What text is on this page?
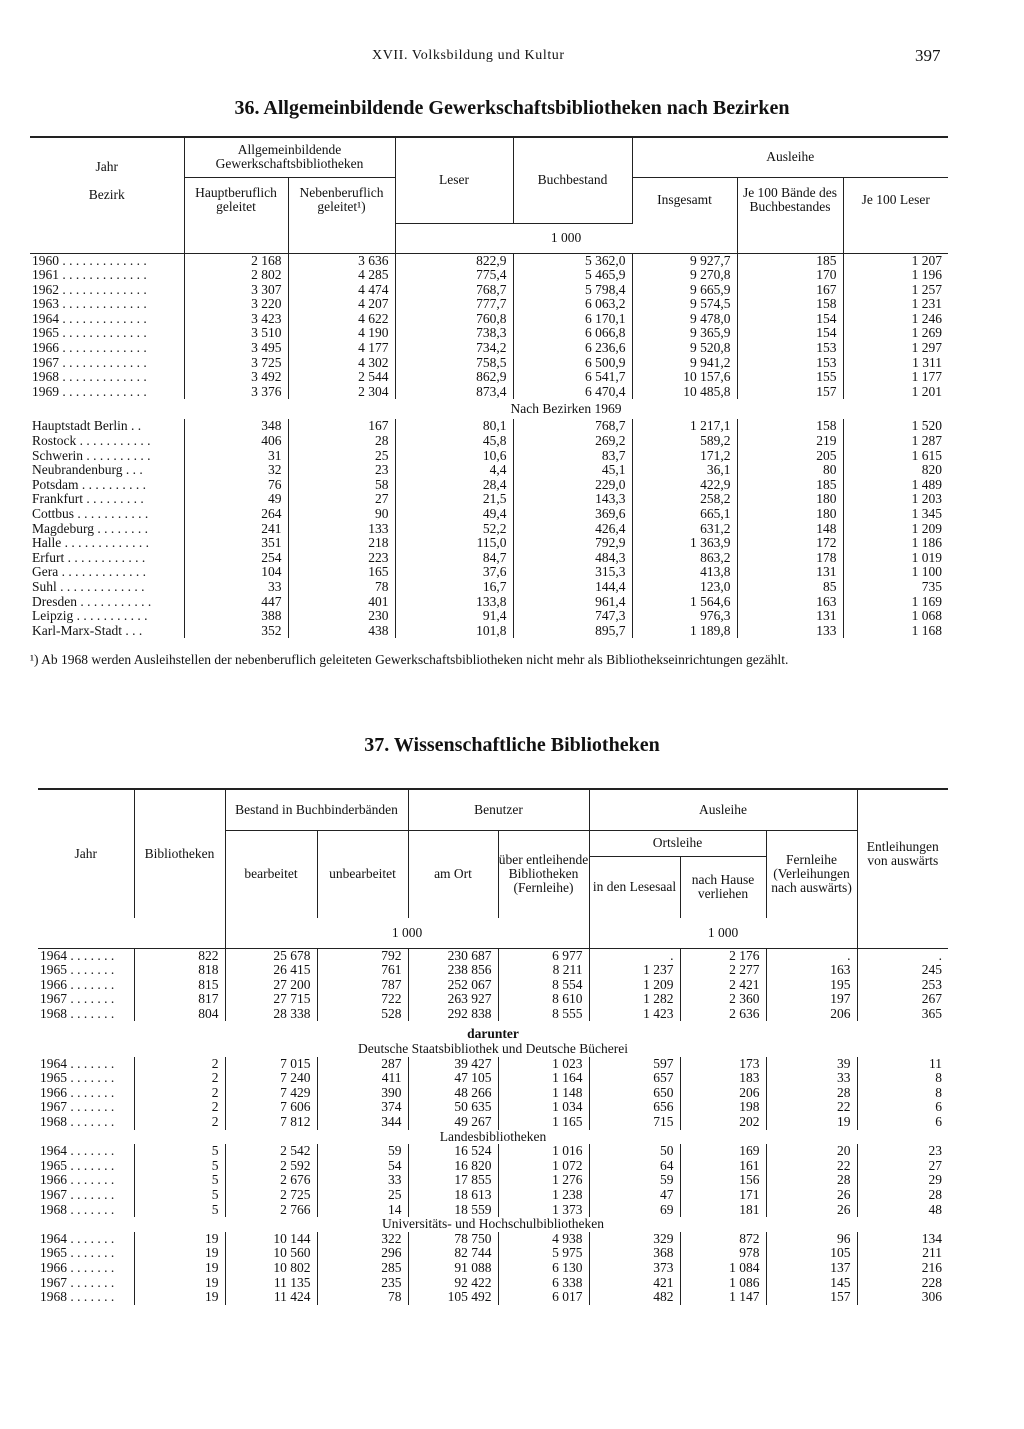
XVII. Volksbildung und Kultur	397
36. Allgemeinbildende Gewerkschaftsbibliotheken nach Bezirken
Jahr
Bezirk	Allgemeinbildende Gewerkschaftsbibliotheken		Leser	Buchbestand	Ausleihe		
	Hauptberuflich geleitet	Nebenberuflich geleitet¹)			Insgesamt	Je 100 Bände des Buchbestandes	Je 100 Leser
			1 000				
1960 . . . . . . . . . . . . .	2 168	3 636	822,9	5 362,0	9 927,7	185	1 207
1961 . . . . . . . . . . . . .	2 802	4 285	775,4	5 465,9	9 270,8	170	1 196
1962 . . . . . . . . . . . . .	3 307	4 474	768,7	5 798,4	9 665,9	167	1 257
1963 . . . . . . . . . . . . .	3 220	4 207	777,7	6 063,2	9 574,5	158	1 231
1964 . . . . . . . . . . . . .	3 423	4 622	760,8	6 170,1	9 478,0	154	1 246
1965 . . . . . . . . . . . . .	3 510	4 190	738,3	6 066,8	9 365,9	154	1 269
1966 . . . . . . . . . . . . .	3 495	4 177	734,2	6 236,6	9 520,8	153	1 297
1967 . . . . . . . . . . . . .	3 725	4 302	758,5	6 500,9	9 941,2	153	1 311
1968 . . . . . . . . . . . . .	3 492	2 544	862,9	6 541,7	10 157,6	155	1 177
1969 . . . . . . . . . . . . .	3 376	2 304	873,4	6 470,4	10 485,8	157	1 201
			Nach Bezirken 1969				
Hauptstadt Berlin . .	348	167	80,1	768,7	1 217,1	158	1 520
Rostock . . . . . . . . . . .	406	28	45,8	269,2	589,2	219	1 287
Schwerin . . . . . . . . . .	31	25	10,6	83,7	171,2	205	1 615
Neubrandenburg . . .	32	23	4,4	45,1	36,1	80	820
Potsdam . . . . . . . . . .	76	58	28,4	229,0	422,9	185	1 489
Frankfurt . . . . . . . . .	49	27	21,5	143,3	258,2	180	1 203
Cottbus . . . . . . . . . . .	264	90	49,4	369,6	665,1	180	1 345
Magdeburg . . . . . . . .	241	133	52,2	426,4	631,2	148	1 209
Halle . . . . . . . . . . . . .	351	218	115,0	792,9	1 363,9	172	1 186
Erfurt . . . . . . . . . . . .	254	223	84,7	484,3	863,2	178	1 019
Gera . . . . . . . . . . . . .	104	165	37,6	315,3	413,8	131	1 100
Suhl . . . . . . . . . . . . .	33	78	16,7	144,4	123,0	85	735
Dresden . . . . . . . . . . .	447	401	133,8	961,4	1 564,6	163	1 169
Leipzig . . . . . . . . . . .	388	230	91,4	747,3	976,3	131	1 068
Karl-Marx-Stadt . . .	352	438	101,8	895,7	1 189,8	133	1 168
¹) Ab 1968 werden Ausleihstellen der nebenberuflich geleiteten Gewerkschaftsbibliotheken nicht mehr als Bibliothekseinrichtungen gezählt.
37. Wissenschaftliche Bibliotheken
Jahr	Bibliotheken	Bestand in Buchbinderbänden		Benutzer		Ausleihe			Entleihungen von auswärts
		bearbeitet	unbearbeitet	am Ort	über entleihende Bibliotheken (Fernleihe)	Ortsleihe		Fernleihe (Verleihungen nach auswärts)	
						in den Lesesaal	nach Hause verliehen		
		1 000				1 000			
1964 . . . . . . .	822	25 678	792	230 687	6 977	.	2 176	.	.
1965 . . . . . . .	818	26 415	761	238 856	8 211	1 237	2 277	163	245
1966 . . . . . . .	815	27 200	787	252 067	8 554	1 209	2 421	195	253
1967 . . . . . . .	817	27 715	722	263 927	8 610	1 282	2 360	197	267
1968 . . . . . . .	804	28 338	528	292 838	8 555	1 423	2 636	206	365

darunter									
Deutsche Staatsbibliothek und Deutsche Bücherei									
1964 . . . . . . .	2	7 015	287	39 427	1 023	597	173	39	11
1965 . . . . . . .	2	7 240	411	47 105	1 164	657	183	33	8
1966 . . . . . . .	2	7 429	390	48 266	1 148	650	206	28	8
1967 . . . . . . .	2	7 606	374	50 635	1 034	656	198	22	6
1968 . . . . . . .	2	7 812	344	49 267	1 165	715	202	19	6
Landesbibliotheken									
1964 . . . . . . .	5	2 542	59	16 524	1 016	50	169	20	23
1965 . . . . . . .	5	2 592	54	16 820	1 072	64	161	22	27
1966 . . . . . . .	5	2 676	33	17 855	1 276	59	156	28	29
1967 . . . . . . .	5	2 725	25	18 613	1 238	47	171	26	28
1968 . . . . . . .	5	2 766	14	18 559	1 373	69	181	26	48
Universitäts- und Hochschulbibliotheken									
1964 . . . . . . .	19	10 144	322	78 750	4 938	329	872	96	134
1965 . . . . . . .	19	10 560	296	82 744	5 975	368	978	105	211
1966 . . . . . . .	19	10 802	285	91 088	6 130	373	1 084	137	216
1967 . . . . . . .	19	11 135	235	92 422	6 338	421	1 086	145	228
1968 . . . . . . .	19	11 424	78	105 492	6 017	482	1 147	157	306
